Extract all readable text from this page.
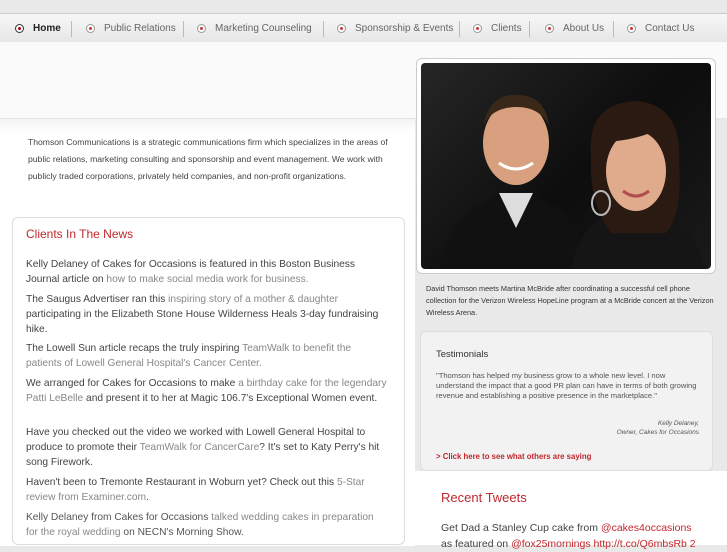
Home	Public Relations	Marketing Counseling	Sponsorship & Events	Clients	About Us	Contact Us

Thomson Communications is a strategic communications firm which specializes in the areas of public relations, marketing consulting and sponsorship and event management. We work with publicly traded corporations, privately held companies, and non-profit organizations.

Clients In The News
Kelly Delaney of Cakes for Occasions is featured in this Boston Business Journal article on how to make social media work for business.
The Saugus Advertiser ran this inspiring story of a mother & daughter participating in the Elizabeth Stone House Wilderness Heals 3-day fundraising hike.
The Lowell Sun article recaps the truly inspiring TeamWalk to benefit the patients of Lowell General Hospital's Cancer Center.
We arranged for Cakes for Occasions to make a birthday cake for the legendary Patti LeBelle and present it to her at Magic 106.7's Exceptional Women event.
Have you checked out the video we worked with Lowell General Hospital to produce to promote their TeamWalk for CancerCare? It's set to Katy Perry's hit song Firework.
Haven't been to Tremonte Restaurant in Woburn yet? Check out this 5-Star review from Examiner.com.
Kelly Delaney from Cakes for Occasions talked wedding cakes in preparation for the royal wedding on NECN's Morning Show.

David Thomson meets Martina McBride after coordinating a successful cell phone collection for the Verizon Wireless HopeLine program at a McBride concert at the Verizon Wireless Arena.

Testimonials

"Thomson has helped my business grow to a whole new level. I now understand the impact that a good PR plan can have in terms of both growing revenue and establishing a positive presence in the marketplace."

Kelly Delaney,
Owner, Cakes for Occasions
> Click here to see what others are saying
Recent Tweets
Get Dad a Stanley Cup cake from @cakes4occasions
as featured on @fox25mornings http://t.co/Q6mbsRb 2
